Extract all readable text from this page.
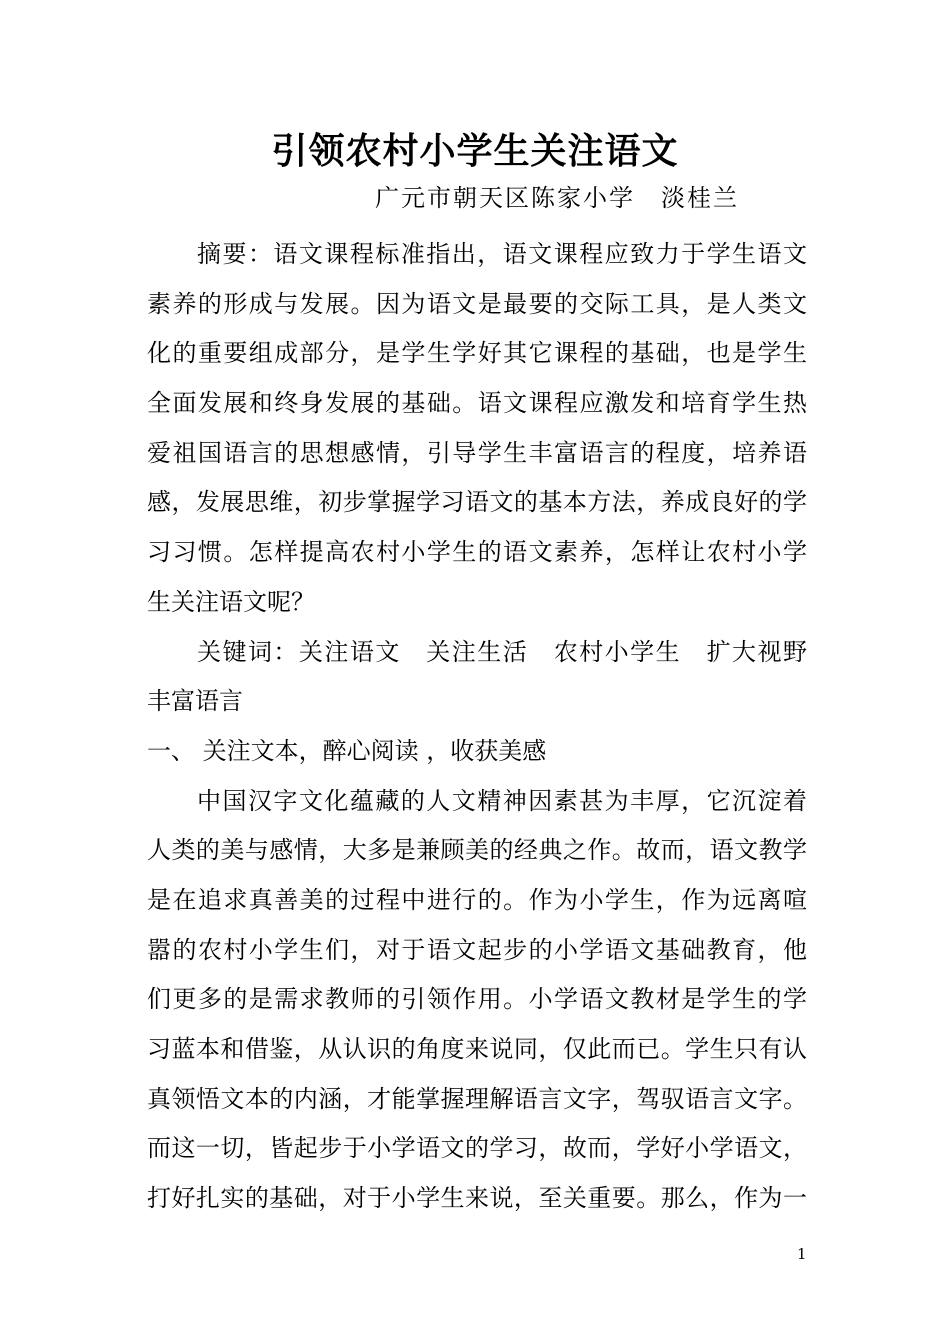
引领农村小学生关注语文
广元市朝天区陈家小学　淡桂兰
摘要：语文课程标准指出，语文课程应致力于学生语文
素养的形成与发展。因为语文是最要的交际工具，是人类文
化的重要组成部分，是学生学好其它课程的基础，也是学生
全面发展和终身发展的基础。语文课程应激发和培育学生热
爱祖国语言的思想感情，引导学生丰富语言的程度，培养语
感，发展思维，初步掌握学习语文的基本方法，养成良好的学
习习惯。怎样提高农村小学生的语文素养，怎样让农村小学
生关注语文呢？
关键词：关注语文　关注生活　农村小学生　扩大视野
丰富语言
一、 关注文本，醉心阅读 ，收获美感
中国汉字文化蕴藏的人文精神因素甚为丰厚，它沉淀着
人类的美与感情，大多是兼顾美的经典之作。故而，语文教学
是在追求真善美的过程中进行的。作为小学生，作为远离喧
嚣的农村小学生们，对于语文起步的小学语文基础教育，他
们更多的是需求教师的引领作用。小学语文教材是学生的学
习蓝本和借鉴，从认识的角度来说同，仅此而已。学生只有认
真领悟文本的内涵，才能掌握理解语言文字，驾驭语言文字。
而这一切，皆起步于小学语文的学习，故而，学好小学语文，
打好扎实的基础，对于小学生来说，至关重要。那么，作为一
1
